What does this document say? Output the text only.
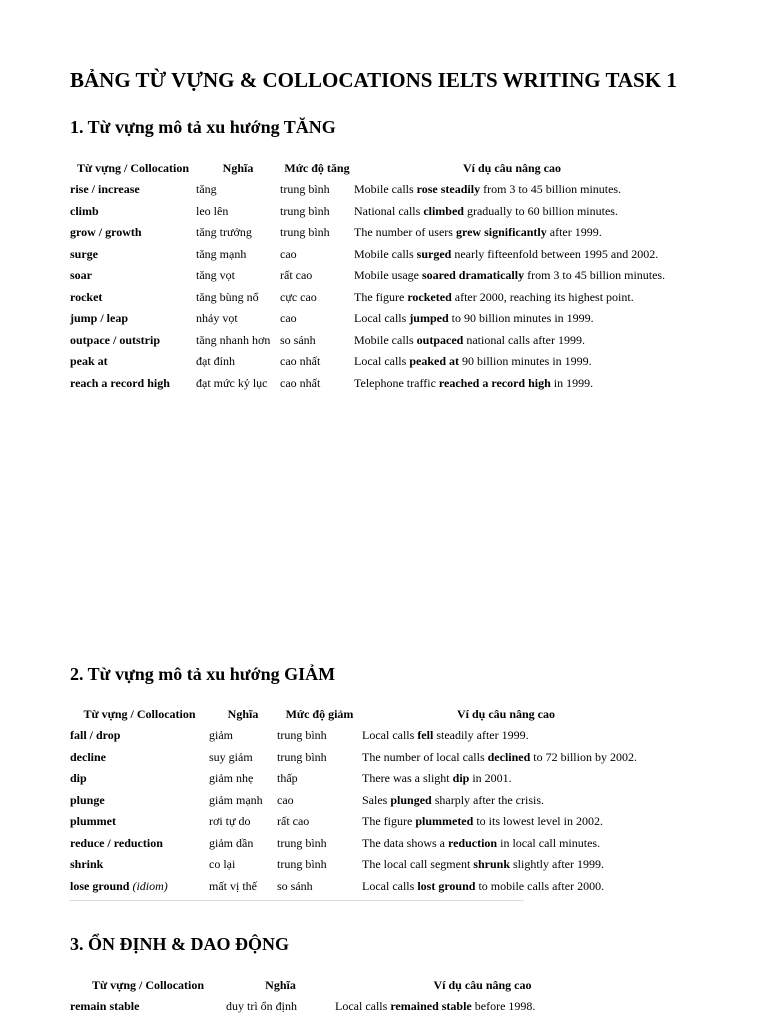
BẢNG TỪ VỰNG & COLLOCATIONS IELTS WRITING TASK 1
1. Từ vựng mô tả xu hướng TĂNG
Từ vựng / Collocation	Nghĩa	Mức độ tăng	Ví dụ câu nâng cao
rise / increase	tăng	trung bình	Mobile calls rose steadily from 3 to 45 billion minutes.
climb	leo lên	trung bình	National calls climbed gradually to 60 billion minutes.
grow / growth	tăng trưởng	trung bình	The number of users grew significantly after 1999.
surge	tăng mạnh	cao	Mobile calls surged nearly fifteenfold between 1995 and 2002.
soar	tăng vọt	rất cao	Mobile usage soared dramatically from 3 to 45 billion minutes.
rocket	tăng bùng nổ	cực cao	The figure rocketed after 2000, reaching its highest point.
jump / leap	nhảy vọt	cao	Local calls jumped to 90 billion minutes in 1999.
outpace / outstrip	tăng nhanh hơn	so sánh	Mobile calls outpaced national calls after 1999.
peak at	đạt đỉnh	cao nhất	Local calls peaked at 90 billion minutes in 1999.
reach a record high	đạt mức kỷ lục	cao nhất	Telephone traffic reached a record high in 1999.
2. Từ vựng mô tả xu hướng GIẢM
Từ vựng / Collocation	Nghĩa	Mức độ giảm	Ví dụ câu nâng cao
fall / drop	giảm	trung bình	Local calls fell steadily after 1999.
decline	suy giảm	trung bình	The number of local calls declined to 72 billion by 2002.
dip	giảm nhẹ	thấp	There was a slight dip in 2001.
plunge	giảm mạnh	cao	Sales plunged sharply after the crisis.
plummet	rơi tự do	rất cao	The figure plummeted to its lowest level in 2002.
reduce / reduction	giảm dần	trung bình	The data shows a reduction in local call minutes.
shrink	co lại	trung bình	The local call segment shrunk slightly after 1999.
lose ground (idiom)	mất vị thế	so sánh	Local calls lost ground to mobile calls after 2000.
3. ỔN ĐỊNH & DAO ĐỘNG
Từ vựng / Collocation	Nghĩa	Ví dụ câu nâng cao
remain stable	duy trì ổn định	Local calls remained stable before 1998.
